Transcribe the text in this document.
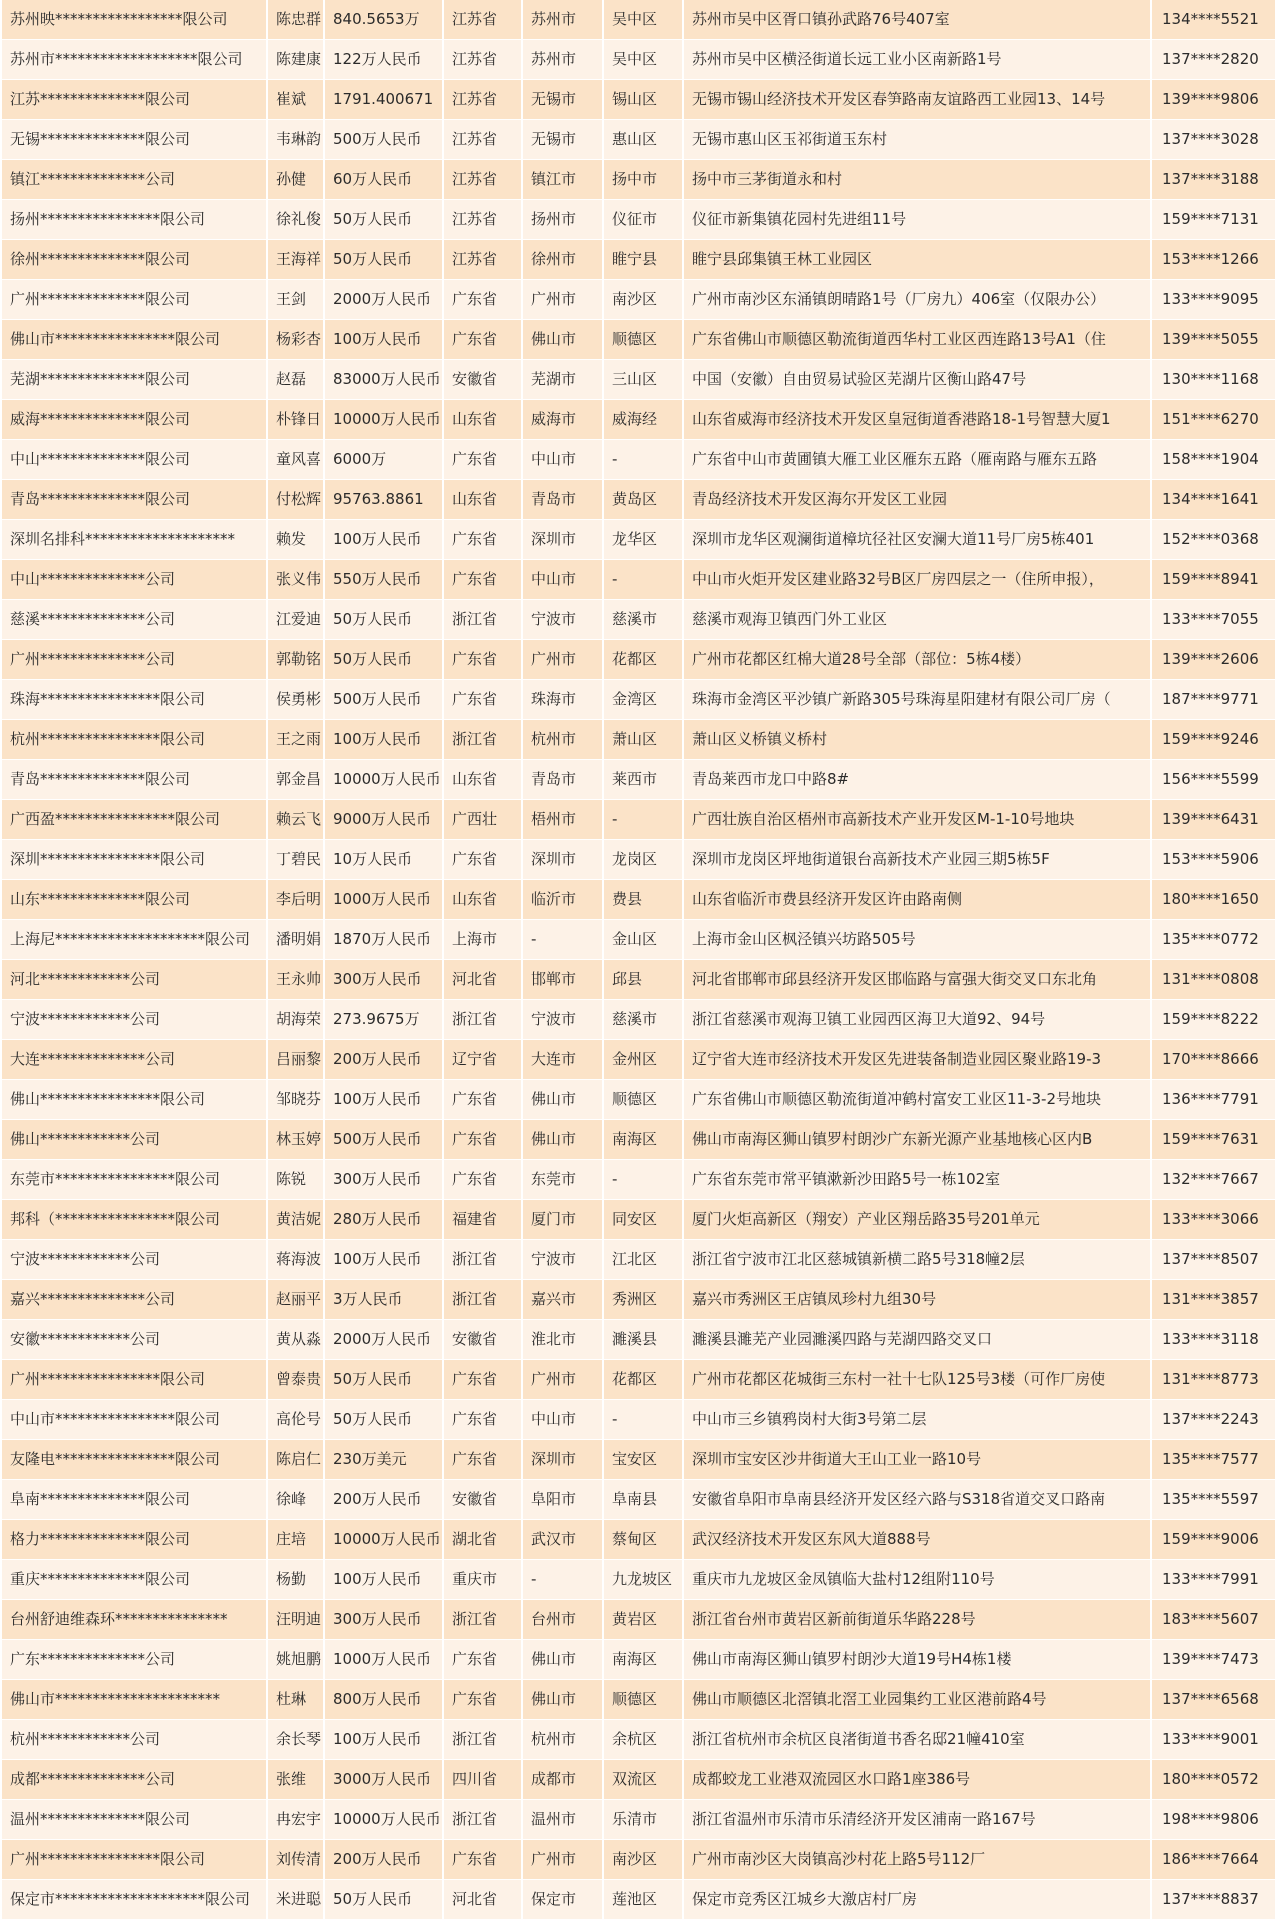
苏州映*****************限公司	陈忠群	840.5653万	江苏省	苏州市	吴中区	苏州市吴中区胥口镇孙武路76号407室	134****5521
苏州市*******************限公司	陈建康	122万人民币	江苏省	苏州市	吴中区	苏州市吴中区横泾街道长远工业小区南新路1号	137****2820
江苏**************限公司	崔斌	1791.400671	江苏省	无锡市	锡山区	无锡市锡山经济技术开发区春笋路南友谊路西工业园13、14号	139****9806
无锡**************限公司	韦琳韵	500万人民币	江苏省	无锡市	惠山区	无锡市惠山区玉祁街道玉东村	137****3028
镇江**************公司	孙健	60万人民币	江苏省	镇江市	扬中市	扬中市三茅街道永和村	137****3188
扬州****************限公司	徐礼俊	50万人民币	江苏省	扬州市	仪征市	仪征市新集镇花园村先进组11号	159****7131
徐州**************限公司	王海祥	50万人民币	江苏省	徐州市	睢宁县	睢宁县邱集镇王林工业园区	153****1266
广州**************限公司	王剑	2000万人民币	广东省	广州市	南沙区	广州市南沙区东涌镇朗晴路1号（厂房九）406室（仅限办公）	133****9095
佛山市****************限公司	杨彩杏	100万人民币	广东省	佛山市	顺德区	广东省佛山市顺德区勒流街道西华村工业区西连路13号A1（住	139****5055
芜湖**************限公司	赵磊	83000万人民币	安徽省	芜湖市	三山区	中国（安徽）自由贸易试验区芜湖片区衡山路47号	130****1168
威海**************限公司	朴锋日	10000万人民币	山东省	威海市	威海经	山东省威海市经济技术开发区皇冠街道香港路18-1号智慧大厦1	151****6270
中山**************限公司	童风喜	6000万	广东省	中山市	-	广东省中山市黄圃镇大雁工业区雁东五路（雁南路与雁东五路	158****1904
青岛**************限公司	付松辉	95763.8861	山东省	青岛市	黄岛区	青岛经济技术开发区海尔开发区工业园	134****1641
深圳名排科********************	赖发	100万人民币	广东省	深圳市	龙华区	深圳市龙华区观澜街道樟坑径社区安澜大道11号厂房5栋401	152****0368
中山**************公司	张义伟	550万人民币	广东省	中山市	-	中山市火炬开发区建业路32号B区厂房四层之一（住所申报），	159****8941
慈溪**************公司	江爱迪	50万人民币	浙江省	宁波市	慈溪市	慈溪市观海卫镇西门外工业区	133****7055
广州**************公司	郭勒铭	50万人民币	广东省	广州市	花都区	广州市花都区红棉大道28号全部（部位：5栋4楼）	139****2606
珠海****************限公司	侯勇彬	500万人民币	广东省	珠海市	金湾区	珠海市金湾区平沙镇广新路305号珠海星阳建材有限公司厂房（	187****9771
杭州****************限公司	王之雨	100万人民币	浙江省	杭州市	萧山区	萧山区义桥镇义桥村	159****9246
青岛**************限公司	郭金昌	10000万人民币	山东省	青岛市	莱西市	青岛莱西市龙口中路8#	156****5599
广西盈****************限公司	赖云飞	9000万人民币	广西壮	梧州市	-	广西壮族自治区梧州市高新技术产业开发区M-1-10号地块	139****6431
深圳****************限公司	丁碧民	10万人民币	广东省	深圳市	龙岗区	深圳市龙岗区坪地街道银台高新技术产业园三期5栋5F	153****5906
山东**************限公司	李后明	1000万人民币	山东省	临沂市	费县	山东省临沂市费县经济开发区许由路南侧	180****1650
上海尼********************限公司	潘明娟	1870万人民币	上海市	-	金山区	上海市金山区枫泾镇兴坊路505号	135****0772
河北************公司	王永帅	300万人民币	河北省	邯郸市	邱县	河北省邯郸市邱县经济开发区邯临路与富强大街交叉口东北角	131****0808
宁波************公司	胡海荣	273.9675万	浙江省	宁波市	慈溪市	浙江省慈溪市观海卫镇工业园西区海卫大道92、94号	159****8222
大连**************公司	吕丽黎	200万人民币	辽宁省	大连市	金州区	辽宁省大连市经济技术开发区先进装备制造业园区聚业路19-3	170****8666
佛山****************限公司	邹晓芬	100万人民币	广东省	佛山市	顺德区	广东省佛山市顺德区勒流街道冲鹤村富安工业区11-3-2号地块	136****7791
佛山************公司	林玉婷	500万人民币	广东省	佛山市	南海区	佛山市南海区狮山镇罗村朗沙广东新光源产业基地核心区内B	159****7631
东莞市****************限公司	陈锐	300万人民币	广东省	东莞市	-	广东省东莞市常平镇漱新沙田路5号一栋102室	132****7667
邦科（****************限公司	黄洁妮	280万人民币	福建省	厦门市	同安区	厦门火炬高新区（翔安）产业区翔岳路35号201单元	133****3066
宁波************公司	蒋海波	100万人民币	浙江省	宁波市	江北区	浙江省宁波市江北区慈城镇新横二路5号318幢2层	137****8507
嘉兴**************公司	赵丽平	3万人民币	浙江省	嘉兴市	秀洲区	嘉兴市秀洲区王店镇凤珍村九组30号	131****3857
安徽************公司	黄从淼	2000万人民币	安徽省	淮北市	濉溪县	濉溪县濉芜产业园濉溪四路与芜湖四路交叉口	133****3118
广州****************限公司	曾泰贵	50万人民币	广东省	广州市	花都区	广州市花都区花城街三东村一社十七队125号3楼（可作厂房使	131****8773
中山市****************限公司	高伦号	50万人民币	广东省	中山市	-	中山市三乡镇鸦岗村大街3号第二层	137****2243
友隆电****************限公司	陈启仁	230万美元	广东省	深圳市	宝安区	深圳市宝安区沙井街道大王山工业一路10号	135****7577
阜南**************限公司	徐峰	200万人民币	安徽省	阜阳市	阜南县	安徽省阜阳市阜南县经济开发区经六路与S318省道交叉口路南	135****5597
格力**************限公司	庄培	10000万人民币	湖北省	武汉市	蔡甸区	武汉经济技术开发区东风大道888号	159****9006
重庆**************限公司	杨勤	100万人民币	重庆市	-	九龙坡区	重庆市九龙坡区金凤镇临大盐村12组附110号	133****7991
台州舒迪维森环***************	汪明迪	300万人民币	浙江省	台州市	黄岩区	浙江省台州市黄岩区新前街道乐华路228号	183****5607
广东**************公司	姚旭鹏	1000万人民币	广东省	佛山市	南海区	佛山市南海区狮山镇罗村朗沙大道19号H4栋1楼	139****7473
佛山市**********************	杜琳	800万人民币	广东省	佛山市	顺德区	佛山市顺德区北滘镇北滘工业园集约工业区港前路4号	137****6568
杭州************公司	余长琴	100万人民币	浙江省	杭州市	余杭区	浙江省杭州市余杭区良渚街道书香名邸21幢410室	133****9001
成都**************公司	张维	3000万人民币	四川省	成都市	双流区	成都蛟龙工业港双流园区水口路1座386号	180****0572
温州**************限公司	冉宏宇	10000万人民币	浙江省	温州市	乐清市	浙江省温州市乐清市乐清经济开发区浦南一路167号	198****9806
广州****************限公司	刘传清	200万人民币	广东省	广州市	南沙区	广州市南沙区大岗镇高沙村花上路5号112厂	186****7664
保定市********************限公司	米进聪	50万人民币	河北省	保定市	莲池区	保定市竞秀区江城乡大激店村厂房	137****8837
